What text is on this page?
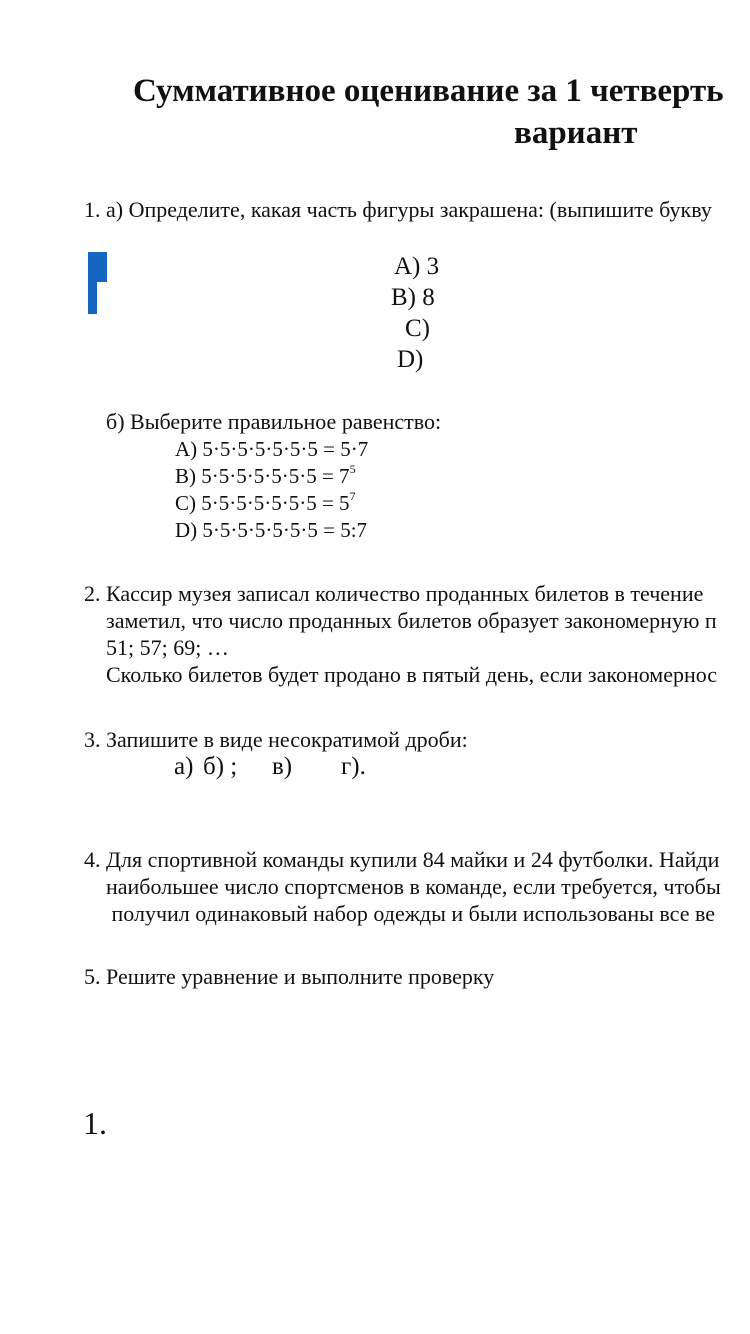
Суммативное оценивание за 1 четверть
вариант
1. а) Определите, какая часть фигуры закрашена: (выпишите букву
A) 3
B) 8
C)
D)
б) Выберите правильное равенство:
A) 5·5·5·5·5·5·5 = 5·7
B) $5\cdot 5\cdot 5\cdot 5\cdot 5\cdot 5\cdot 5 = 7^5$
C) $5\cdot 5\cdot 5\cdot 5\cdot 5\cdot 5\cdot 5 = 5^7$
D) 5·5·5·5·5·5·5 = 5:7
2. Кассир музея записал количество проданных билетов в течение
заметил, что число проданных билетов образует закономерную п
51; 57; 69; …
Сколько билетов будет продано в пятый день, если закономернос
3. Запишите в виде несократимой дроби:
а) б) ; в) г).
4. Для спортивной команды купили 84 майки и 24 футболки. Найди
наибольшее число спортсменов в команде, если требуется, чтобы
получил одинаковый набор одежды и были использованы все ве
5. Решите уравнение и выполните проверку
1.
